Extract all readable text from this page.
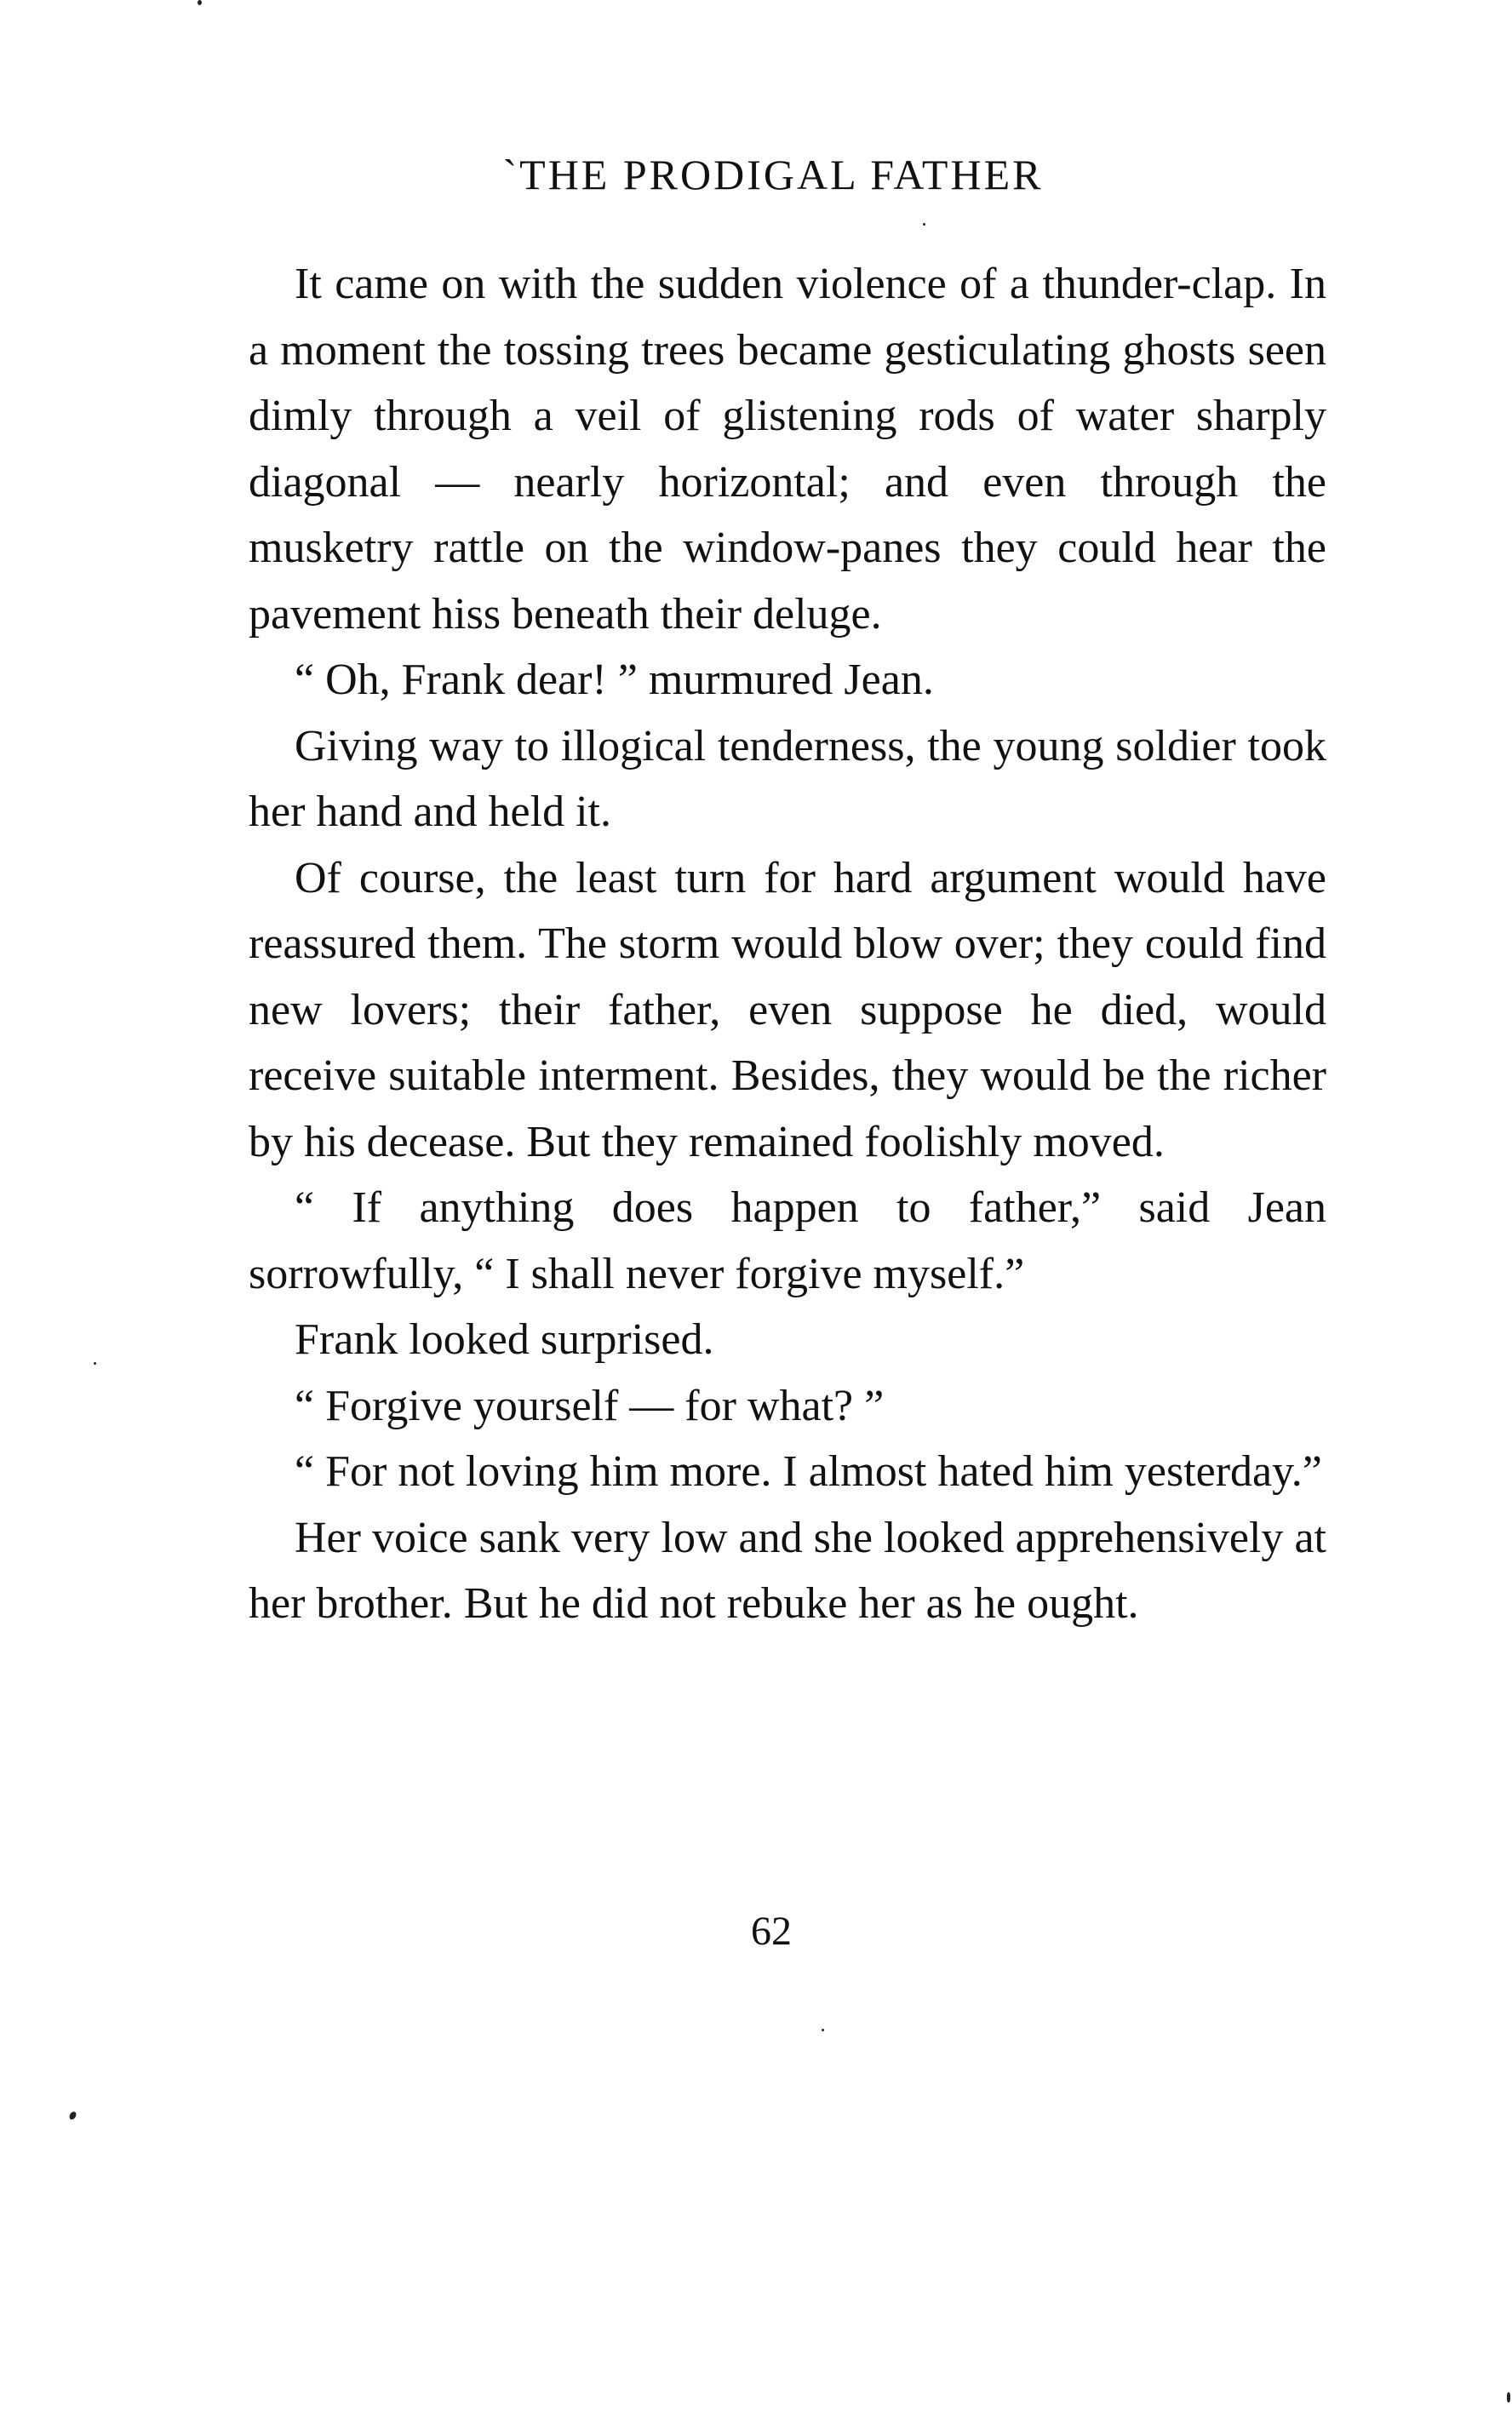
`THE PRODIGAL FATHER

It came on with the sudden violence of a thunder-clap. In a moment the tossing trees became gesticulating ghosts seen dimly through a veil of glistening rods of water sharply diagonal — nearly horizontal; and even through the musketry rattle on the window-panes they could hear the pavement hiss beneath their deluge.

“ Oh, Frank dear! ” murmured Jean.

Giving way to illogical tenderness, the young soldier took her hand and held it.

Of course, the least turn for hard argument would have reassured them. The storm would blow over; they could find new lovers; their father, even suppose he died, would receive suitable interment. Besides, they would be the richer by his decease. But they remained foolishly moved.

“ If anything does happen to father,” said Jean sorrowfully, “ I shall never forgive myself.”

Frank looked surprised.

“ Forgive yourself — for what? ”

“ For not loving him more. I almost hated him yesterday.”

Her voice sank very low and she looked apprehensively at her brother. But he did not rebuke her as he ought.

62
